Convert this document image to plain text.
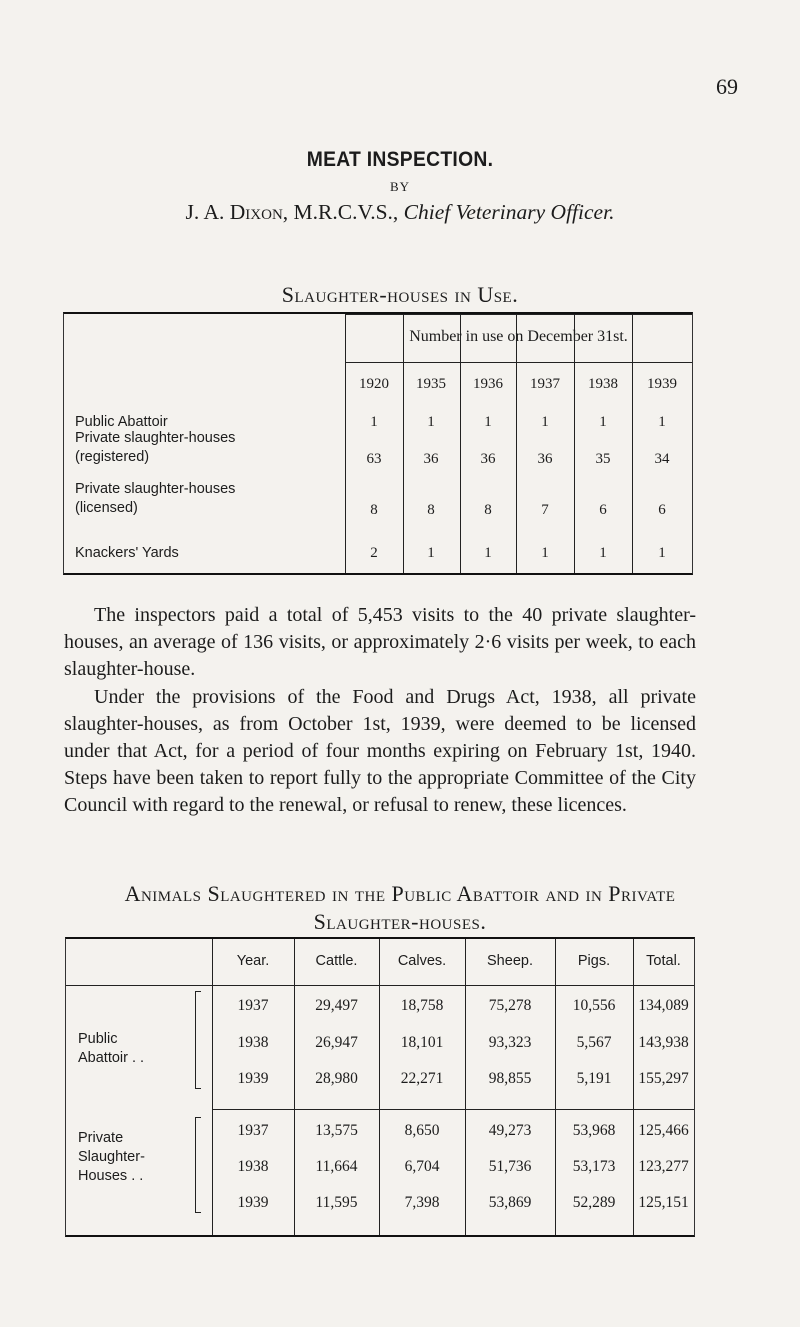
69
MEAT INSPECTION.
BY
J. A. Dixon, M.R.C.V.S., Chief Veterinary Officer.
Slaughter-houses in Use.
Number in use on December 31st.
1920	1935	1936	1937	1938	1939
Public Abattoir	1	1	1	1	1	1
Private slaughter-houses
(registered)	63	36	36	36	35	34
Private slaughter-houses
(licensed)	8	8	8	7	6	6
Knackers' Yards	2	1	1	1	1	1
The inspectors paid a total of 5,453 visits to the 40 private slaughter-houses, an average of 136 visits, or approximately 2·6 visits per week, to each slaughter-house.
Under the provisions of the Food and Drugs Act, 1938, all private slaughter-houses, as from October 1st, 1939, were deemed to be licensed under that Act, for a period of four months expiring on February 1st, 1940. Steps have been taken to report fully to the appropriate Committee of the City Council with regard to the renewal, or refusal to renew, these licences.
Animals Slaughtered in the Public Abattoir and in Private
Slaughter-houses.
Year.	Cattle.	Calves.	Sheep.	Pigs.	Total.
Public
Abattoir . .
1937	29,497	18,758	75,278	10,556	134,089
1938	26,947	18,101	93,323	5,567	143,938
1939	28,980	22,271	98,855	5,191	155,297
Private
Slaughter-
Houses . .
1937	13,575	8,650	49,273	53,968	125,466
1938	11,664	6,704	51,736	53,173	123,277
1939	11,595	7,398	53,869	52,289	125,151
